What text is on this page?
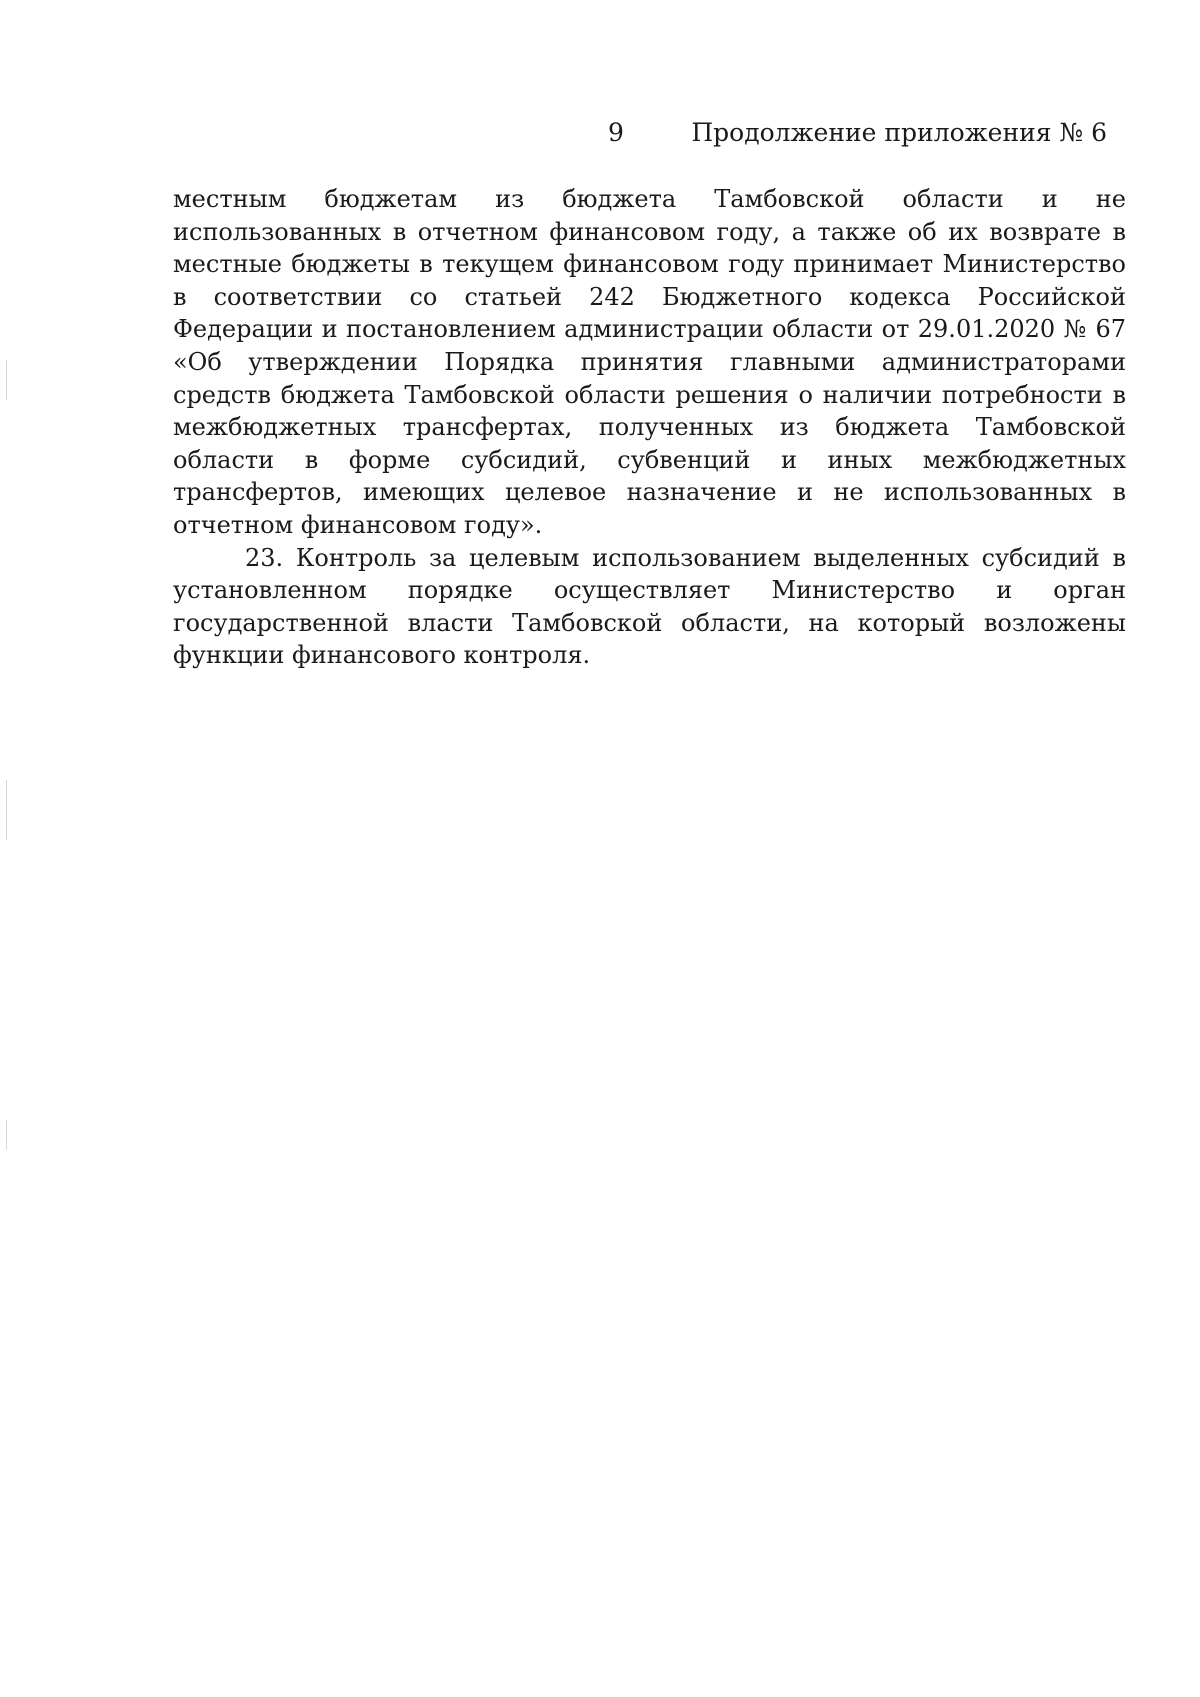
9	Продолжение приложения № 6

местным бюджетам из бюджета Тамбовской области и не использованных в отчетном финансовом году, а также об их возврате в местные бюджеты в текущем финансовом году принимает Министерство в соответствии со статьей 242 Бюджетного кодекса Российской Федерации и постановлением администрации области от 29.01.2020 № 67 «Об утверждении Порядка принятия главными администраторами средств бюджета Тамбовской области решения о наличии потребности в межбюджетных трансфертах, полученных из бюджета Тамбовской области в форме субсидий, субвенций и иных межбюджетных трансфертов, имеющих целевое назначение и не использованных в отчетном финансовом году».

23. Контроль за целевым использованием выделенных субсидий в установленном порядке осуществляет Министерство и орган государственной власти Тамбовской области, на который возложены функции финансового контроля.
